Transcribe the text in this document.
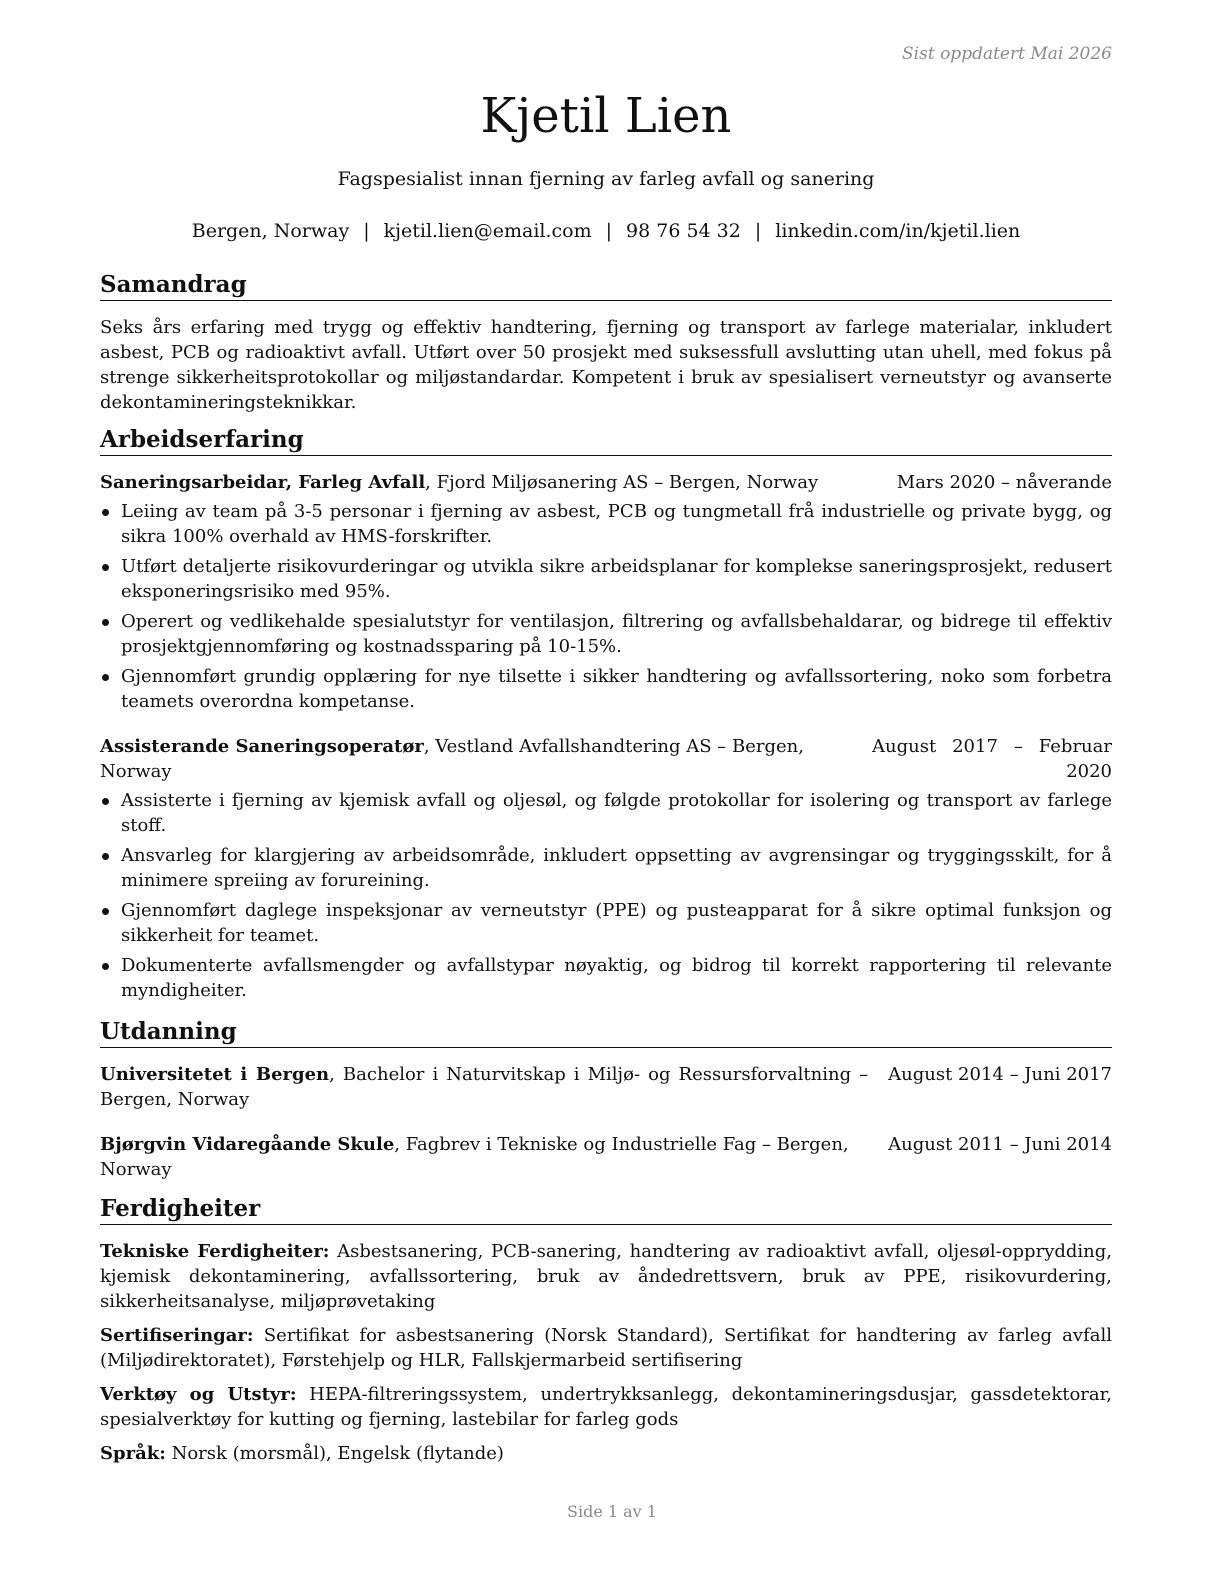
Sist oppdatert Mai 2026
Kjetil Lien
Fagspesialist innan fjerning av farleg avfall og sanering
Bergen, Norway | kjetil.lien@email.com | 98 76 54 32 | linkedin.com/in/kjetil.lien
Samandrag

Seks års erfaring med trygg og effektiv handtering, fjerning og transport av farlege materialar, inkludert asbest, PCB og radioaktivt avfall. Utført over 50 prosjekt med suksessfull avslutting utan uhell, med fokus på strenge sikkerheitsprotokollar og miljøstandardar. Kompetent i bruk av spesialisert verneutstyr og avanserte dekontamineringsteknikkar.

Arbeidserfaring
Saneringsarbeidar, Farleg Avfall, Fjord Miljøsanering AS – Bergen, Norway	Mars 2020 – nåverande
Leiing av team på 3-5 personar i fjerning av asbest, PCB og tungmetall frå industrielle og private bygg, og sikra 100% overhald av HMS-forskrifter.
Utført detaljerte risikovurderingar og utvikla sikre arbeidsplanar for komplekse saneringsprosjekt, redusert eksponeringsrisiko med 95%.
Operert og vedlikehalde spesialutstyr for ventilasjon, filtrering og avfallsbehaldarar, og bidrege til effektiv prosjektgjennomføring og kostnadssparing på 10-15%.
Gjennomført grundig opplæring for nye tilsette i sikker handtering og avfallssortering, noko som forbetra teamets overordna kompetanse.
Assisterande Saneringsoperatør, Vestland Avfallshandtering AS – Bergen, Norway
August 2017 – Februar 2020
Assisterte i fjerning av kjemisk avfall og oljesøl, og følgde protokollar for isolering og transport av farlege stoff.
Ansvarleg for klargjering av arbeidsområde, inkludert oppsetting av avgrensingar og tryggingsskilt, for å minimere spreiing av forureining.
Gjennomført daglege inspeksjonar av verneutstyr (PPE) og pusteapparat for å sikre optimal funksjon og sikkerheit for teamet.
Dokumenterte avfallsmengder og avfallstypar nøyaktig, og bidrog til korrekt rapportering til relevante myndigheiter.
Utdanning
Universitetet i Bergen, Bachelor i Naturvitskap i Miljø- og Ressursforvaltning – Bergen, Norway
August 2014 – Juni 2017
Bjørgvin Vidaregåande Skule, Fagbrev i Tekniske og Industrielle Fag – Bergen, Norway
August 2011 – Juni 2014
Ferdigheiter

Tekniske Ferdigheiter: Asbestsanering, PCB-sanering, handtering av radioaktivt avfall, oljesøl-opprydding, kjemisk dekontaminering, avfallssortering, bruk av åndedrettsvern, bruk av PPE, risikovurdering, sikkerheitsanalyse, miljøprøvetaking

Sertifiseringar: Sertifikat for asbestsanering (Norsk Standard), Sertifikat for handtering av farleg avfall (Miljødirektoratet), Førstehjelp og HLR, Fallskjermarbeid sertifisering

Verktøy og Utstyr: HEPA-filtreringssystem, undertrykksanlegg, dekontamineringsdusjar, gassdetektorar, spesialverktøy for kutting og fjerning, lastebilar for farleg gods

Språk: Norsk (morsmål), Engelsk (flytande)

Side 1 av 1
